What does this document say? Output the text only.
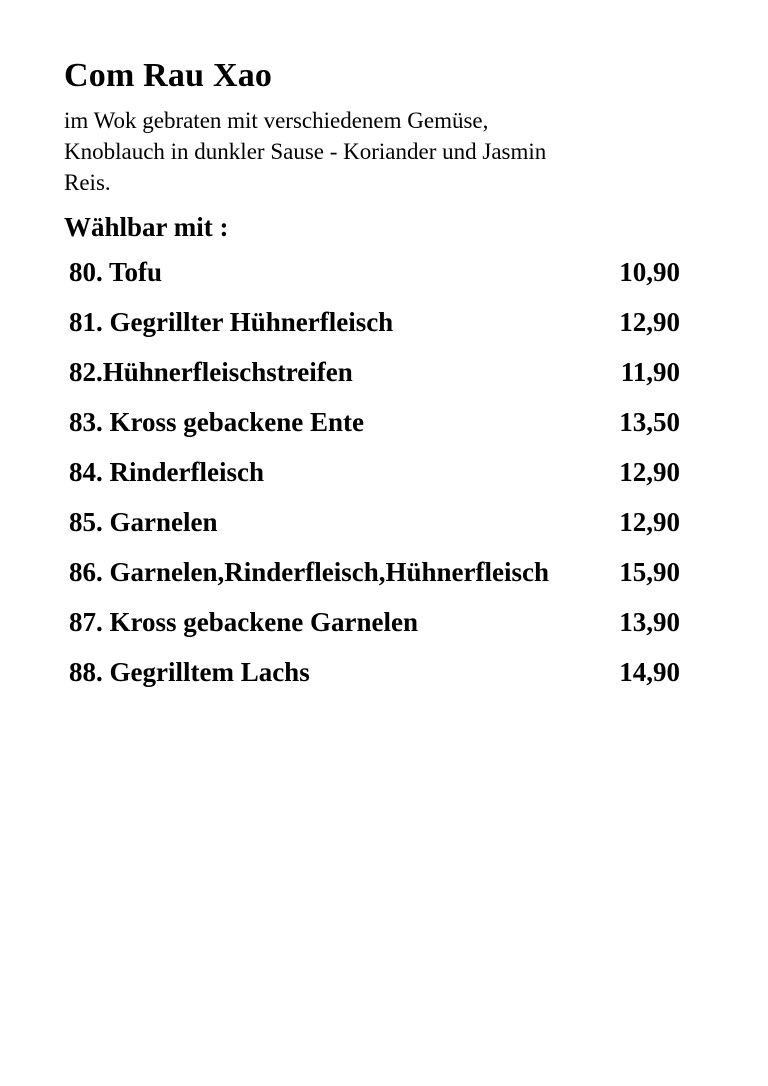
Com Rau Xao

im Wok gebraten mit verschiedenem Gemüse, Knoblauch in dunkler Sause - Koriander und Jasmin Reis.

Wählbar mit :
80. Tofu	10,90
81. Gegrillter Hühnerfleisch	12,90
82.Hühnerfleischstreifen	11,90
83. Kross gebackene Ente	13,50
84. Rinderfleisch	12,90
85. Garnelen	12,90
86. Garnelen,Rinderfleisch,Hühnerfleisch	15,90
87. Kross gebackene Garnelen	13,90
88. Gegrilltem Lachs	14,90
